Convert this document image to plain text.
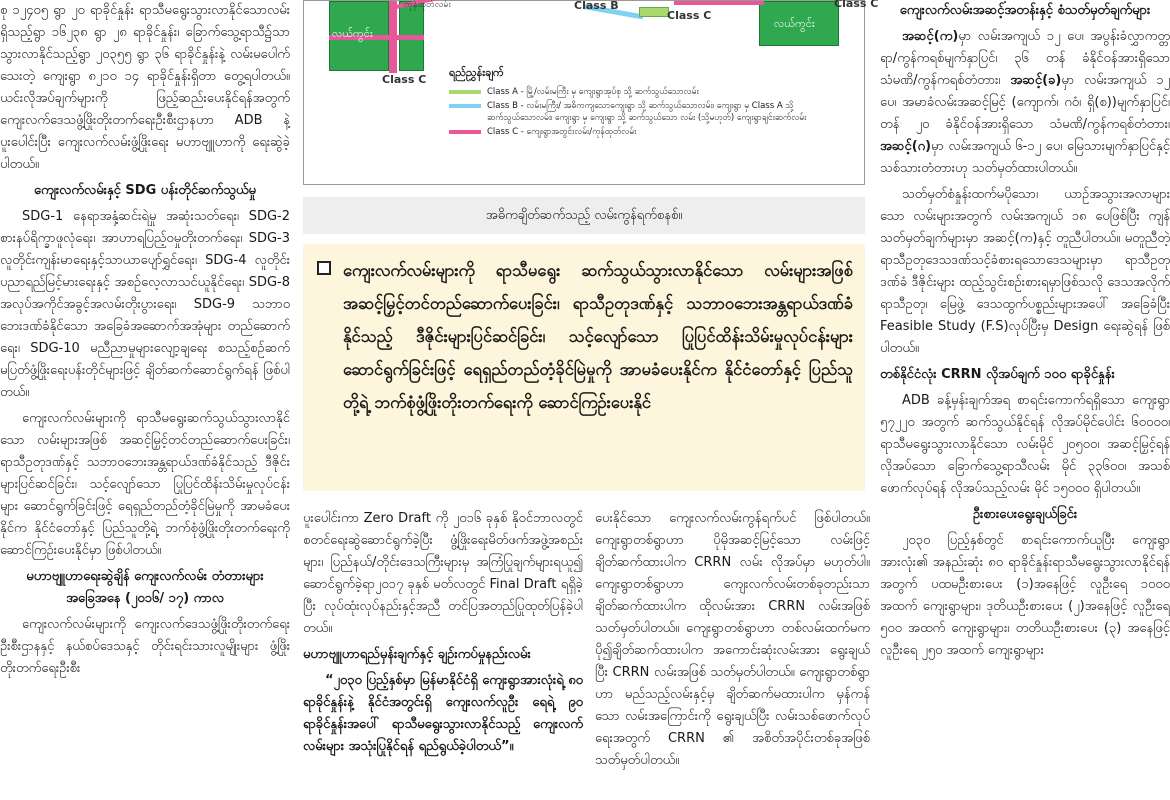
စု ၁၂၄၀၅ ရွာ ၂၀ ရာခိုင်နှုန်း ရာသီမရွေးသွားလာနိုင်သောလမ်းရှိသည့်ရွာ ၁၆၂၃၈ ရွာ ၂၈ ရာခိုင်နှုန်း၊ ခြောက်သွေ့ရာသီ၌သာ သွားလာနိုင်သည့်ရွာ ၂၀၃၅၅ ရွာ ၃၆ ရာခိုင်နှုန်းနဲ့ လမ်းမပေါက်သေးတဲ့ ကျေးရွာ ၈၂၁၀ ၁၄ ရာခိုင်နှုန်းရှိတာ တွေ့ရပါတယ်။ ယင်းလိုအပ်ချက်များကို ဖြည့်ဆည်းပေးနိုင်ရန်အတွက် ကျေးလက်ဒေသဖွံ့ဖြိုးတိုးတက်ရေးဦးစီးဌာနဟာ ADB နဲ့ပူးပေါင်းပြီး ကျေးလက်လမ်းဖွံ့ဖြိုးရေး မဟာဗျူဟာကို ရေးဆွဲခဲ့ပါတယ်။

ကျေးလက်လမ်းနှင့် SDG ပန်းတိုင်ဆက်သွယ်မှု

SDG-1 နေရာအနှံ့ဆင်းရဲမှု အဆုံးသတ်ရေး၊ SDG-2 စားနပ်ရိက္ခာဖူလုံရေး၊ အာဟာရပြည့်ဝမှုတိုးတက်ရေး၊ SDG-3 လူတိုင်းကျန်းမာရေးနှင့်သာယာပျော်ရွှင်ရေး၊ SDG-4 လူတိုင်း ပညာရည်မြင့်မားရေးနှင့် အစဉ်လေ့လာသင်ယူနိုင်ရေး၊ SDG-8 အလုပ်အကိုင်အခွင့်အလမ်းတိုးပွားရေး၊ SDG-9 သဘာဝဘေးဒဏ်ခံနိုင်သော အခြေခံအဆောက်အအုံများ တည်ဆောက်ရေး၊ SDG-10 မညီညာမှုများလျော့ချရေး စသည့်စဉ်ဆက်မပြတ်ဖွံ့ဖြိုးရေးပန်းတိုင်များဖြင့် ချိတ်ဆက်ဆောင်ရွက်ရန် ဖြစ်ပါတယ်။

ကျေးလက်လမ်းများကို ရာသီမရွေးဆက်သွယ်သွားလာနိုင်သော လမ်းများအဖြစ် အဆင့်မြှင့်တင်တည်ဆောက်ပေးခြင်း၊ ရာသီဥတုဒဏ်နှင့် သဘာဝဘေးအန္တရာယ်ဒဏ်ခံနိုင်သည့် ဒီဇိုင်းများပြင်ဆင်ခြင်း၊ သင့်လျော်သော ပြုပြင်ထိန်းသိမ်းမှုလုပ်ငန်းများ ဆောင်ရွက်ခြင်းဖြင့် ရေရှည်တည်တံ့ခိုင်မြဲမှုကို အာမခံပေးနိုင်က နိုင်ငံတော်နှင့် ပြည်သူတို့ရဲ့ ဘက်စုံဖွံ့ဖြိုးတိုးတက်ရေးကို ဆောင်ကြဉ်းပေးနိုင်မှာ ဖြစ်ပါတယ်။

မဟာဗျူဟာရေးဆွဲချိန် ကျေးလက်လမ်း တံတားများအခြေအနေ (၂၀၁၆/ ၁၇) ကာလ

ကျေးလက်လမ်းများကို ကျေးလက်ဒေသဖွံ့ဖြိုးတိုးတက်ရေးဦးစီးဌာနနှင့် နယ်စပ်ဒေသနှင့် တိုင်းရင်းသားလူမျိုးများ ဖွံ့ဖြိုးတိုးတက်ရေးဦးစီး

ကုန်ထုတ်လမ်း
လယ်ကွင်း
Class C
Class B
Class C
လယ်ကွင်း
Class C
ရည်ညွှန်းချက်
Class A - မြို့/လမ်းမကြီး မှ ကျေးရွာအုပ်စု သို့ ဆက်သွယ်သောလမ်း
Class B - လမ်းမကြီး/ အဓိကကျသောကျေးရွာ သို့ ဆက်သွယ်သောလမ်း၊ ကျေးရွာ မှ Class A သို့ ဆက်သွယ်သောလမ်း၊ ကျေးရွာ မှ ကျေးရွာ သို့ ဆက်သွယ်သော လမ်း (သို့မဟုတ်) ကျေးရွာချင်းဆက်လမ်း
Class C - ကျေးရွာအတွင်းလမ်း/ကုန်ထုတ်လမ်း
အဓိကချိတ်ဆက်သည့် လမ်းကွန်ရက်စနစ်။
ကျေးလက်လမ်းများကို ရာသီမရွေး ဆက်သွယ်သွားလာနိုင်သော လမ်းများအဖြစ် အဆင့်မြှင့်တင်တည်ဆောက်ပေးခြင်း၊ ရာသီဥတုဒဏ်နှင့် သဘာဝဘေးအန္တရာယ်ဒဏ်ခံနိုင်သည့် ဒီဇိုင်းများပြင်ဆင်ခြင်း၊ သင့်လျော်သော ပြုပြင်ထိန်းသိမ်းမှုလုပ်ငန်းများ ဆောင်ရွက်ခြင်းဖြင့် ရေရှည်တည်တံ့ခိုင်မြဲမှုကို အာမခံပေးနိုင်က နိုင်ငံတော်နှင့် ပြည်သူတို့ရဲ့ ဘက်စုံဖွံ့ဖြိုးတိုးတက်ရေးကို ဆောင်ကြဉ်းပေးနိုင်

ပူးပေါင်းကာ Zero Draft ကို ၂၀၁၆ ခုနှစ် နိုဝင်ဘာလတွင် စတင်ရေးဆွဲဆောင်ရွက်ခဲ့ပြီး ဖွံ့ဖြိုးရေးမိတ်ဖက်အဖွဲ့အစည်းများ၊ ပြည်နယ်/တိုင်းဒေသကြီးများမှ အကြံပြုချက်များရယူ၍ ဆောင်ရွက်ခဲ့ရာ၂၀၁၇ ခုနှစ် မတ်လတွင် Final Draft ရရှိခဲ့ပြီး လုပ်ထုံးလုပ်နည်းနှင့်အညီ တင်ပြအတည်ပြုထုတ်ပြန်ခဲ့ပါတယ်။

မဟာဗျူဟာရည်မှန်းချက်နှင့် ချဉ်းကပ်မှုနည်းလမ်း

“၂၀၃၀ ပြည့်နှစ်မှာ မြန်မာနိုင်ငံရှိ ကျေးရွာအားလုံးရဲ့ ၈၀ ရာခိုင်နှုန်းနဲ့ နိုင်ငံအတွင်းရှိ ကျေးလက်လူဦး ရေရဲ့ ၉၀ ရာခိုင်နှုန်းအပေါ် ရာသီမရွေးသွားလာနိုင်သည့် ကျေးလက်လမ်းများ အသုံးပြုနိုင်ရန် ရည်ရွယ်ခဲ့ပါတယ်”။

ပေးနိုင်သော ကျေးလက်လမ်းကွန်ရက်ပင် ဖြစ်ပါတယ်။ ကျေးရွာတစ်ရွာဟာ ပိုမိုအဆင့်မြင့်သော လမ်းဖြင့် ချိတ်ဆက်ထားပါက CRRN လမ်း လိုအပ်မှာ မဟုတ်ပါ။ ကျေးရွာတစ်ရွာဟာ ကျေးလက်လမ်းတစ်ခုတည်းသာ ချိတ်ဆက်ထားပါက ထိုလမ်းအား CRRN လမ်းအဖြစ် သတ်မှတ်ပါတယ်။ ကျေးရွာတစ်ရွာဟာ တစ်လမ်းထက်မက ပို၍ချိတ်ဆက်ထားပါက အကောင်းဆုံးလမ်းအား ရွေးချယ်ပြီး CRRN လမ်းအဖြစ် သတ်မှတ်ပါတယ်။ ကျေးရွာတစ်ရွာဟာ မည်သည့်လမ်းနှင့်မှ ချိတ်ဆက်မထားပါက မှန်ကန်သော လမ်းအကြောင်းကို ရွေးချယ်ပြီး လမ်းသစ်ဖောက်လုပ်ရေးအတွက် CRRN ၏ အစိတ်အပိုင်းတစ်ခုအဖြစ် သတ်မှတ်ပါတယ်။

ကျေးလက်လမ်းအဆင့်အတန်းနှင့် စံသတ်မှတ်ချက်များ

အဆင့်(က)မှာ လမ်းအကျယ် ၁၂ ပေ၊ အပွန်းခံလွှာကတ္တရာ/ကွန်ကရစ်မျက်နှာပြင်၊ ၃၆ တန် ခံနိုင်ဝန်အားရှိသော သံမဏိ/ကွန်ကရစ်တံတား၊ အဆင့်(ခ)မှာ လမ်းအကျယ် ၁၂ ပေ၊ အမာခံလမ်းအဆင့်မြင့် (ကျောက်၊ ဂဝံ၊ ရှိ(စ))မျက်နှာပြင်၊ တန် ၂၀ ခံနိုင်ဝန်အားရှိသော သံမဏိ/ကွန်ကရစ်တံတား၊ အဆင့်(ဂ)မှာ လမ်းအကျယ် ၆-၁၂ ပေ၊ မြေသားမျက်နှာပြင်နှင့် သစ်သားတံတားဟု သတ်မှတ်ထားပါတယ်။

သတ်မှတ်စံနှုန်းထက်မပိုသော၊ ယာဉ်အသွားအလာများသော လမ်းများအတွက် လမ်းအကျယ် ၁၈ ပေဖြစ်ပြီး ကျန်သတ်မှတ်ချက်များမှာ အဆင့်(က)နှင့် တူညီပါတယ်။ မတူညီတဲ့ ရာသီဥတုဒေသဒဏ်သင့်ခံစားရသောဒေသများမှာ ရာသီဥတုဒဏ်ခံ ဒီဇိုင်းများ ထည့်သွင်းစဉ်းစားရမှာဖြစ်သလို ဒေသအလိုက် ရာသီဥတု၊ မြေဖွဲ့ ဒေသထွက်ပစ္စည်းများအပေါ် အခြေခံပြီး Feasible Study (F.S)လုပ်ပြီးမှ Design ရေးဆွဲရန် ဖြစ်ပါတယ်။

တစ်နိုင်ငံလုံး CRRN လိုအပ်ချက် ၁၀၀ ရာခိုင်နှုန်း

ADB ခန့်မှန်းချက်အရ စာရင်းကောက်ရရှိသော ကျေးရွာ ၅၇၂၂၀ အတွက် ဆက်သွယ်နိုင်ရန် လိုအပ်မိုင်ပေါင်း ၆၀၀၀၀၊ ရာသီမရွေးသွားလာနိုင်သော လမ်းမိုင် ၂၀၅၀၀၊ အဆင့်မြှင့်ရန် လိုအပ်သော ခြောက်သွေ့ရာသီလမ်း မိုင် ၃၃၆၀၀၊ အသစ်ဖောက်လုပ်ရန် လိုအပ်သည့်လမ်း မိုင် ၁၅၀၀၀ ရှိပါတယ်။

ဦးစားပေးရွေးချယ်ခြင်း

၂၀၃၀ ပြည့်နှစ်တွင် စာရင်းကောက်ယူပြီး ကျေးရွာအားလုံး၏ အနည်းဆုံး ၈၀ ရာခိုင်နှုန်းရာသီမရွေးသွားလာနိုင်ရန်အတွက် ပထမဦးစားပေး (၁)အနေဖြင့် လူဦးရေ ၁၀၀၀ အထက် ကျေးရွာများ၊ ဒုတိယဦးစားပေး (၂)အနေဖြင့် လူဦးရေ ၅၀၀ အထက် ကျေးရွာများ၊ တတိယဦးစားပေး (၃) အနေဖြင့် လူဦးရေ ၂၅၀ အထက် ကျေးရွာများ
